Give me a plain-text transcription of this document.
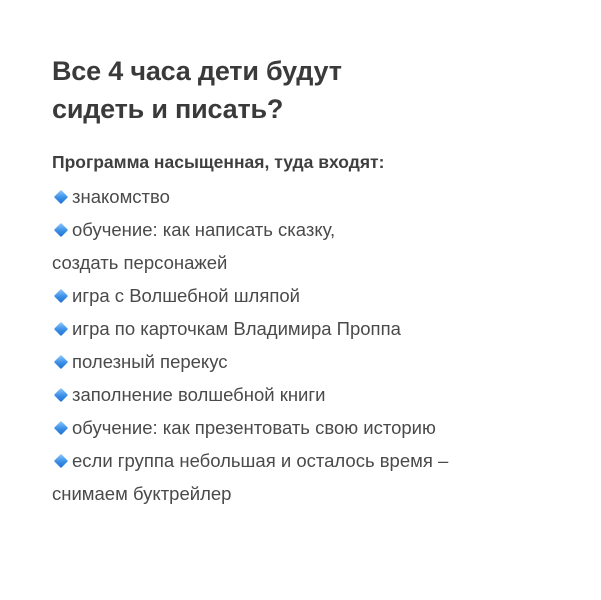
Все 4 часа дети будут
сидеть и писать?

Программа насыщенная, туда входят:

знакомство
обучение: как написать сказку,
создать персонажей
игра с Волшебной шляпой
игра по карточкам Владимира Проппа
полезный перекус
заполнение волшебной книги
обучение: как презентовать свою историю
если группа небольшая и осталось время –
снимаем буктрейлер
